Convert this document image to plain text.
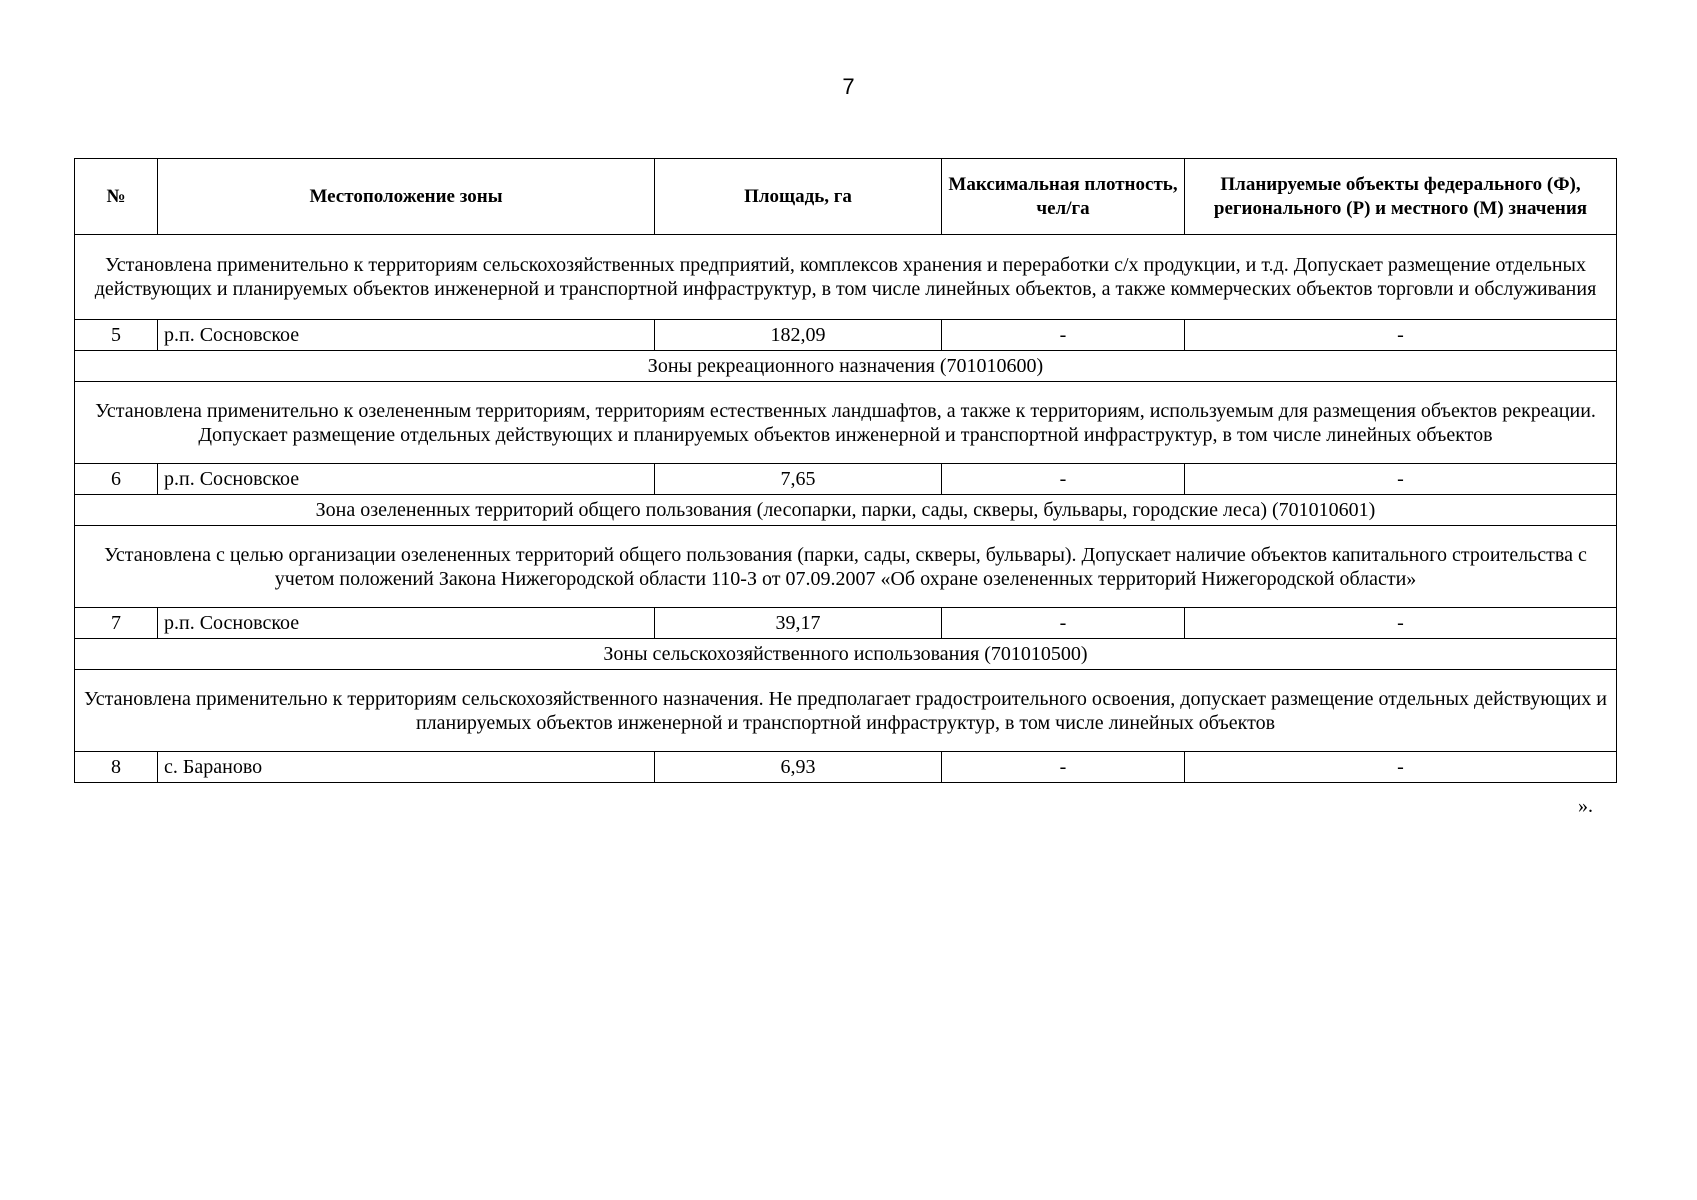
7
№	Местоположение зоны	Площадь, га	Максимальная плотность, чел/га	Планируемые объекты федерального (Ф), регионального (Р) и местного (М) значения
Установлена применительно к территориям сельскохозяйственных предприятий, комплексов хранения и переработки с/х продукции, и т.д. Допускает размещение отдельных действующих и планируемых объектов инженерной и транспортной инфраструктур, в том числе линейных объектов, а также коммерческих объектов торговли и обслуживания				
5	р.п. Сосновское	182,09	-	-
Зоны рекреационного назначения (701010600)				
Установлена применительно к озелененным территориям, территориям естественных ландшафтов, а также к территориям, используемым для размещения объектов рекреации. Допускает размещение отдельных действующих и планируемых объектов инженерной и транспортной инфраструктур, в том числе линейных объектов				
6	р.п. Сосновское	7,65	-	-
Зона озелененных территорий общего пользования (лесопарки, парки, сады, скверы, бульвары, городские леса) (701010601)				
Установлена с целью организации озелененных территорий общего пользования (парки, сады, скверы, бульвары). Допускает наличие объектов капитального строительства с учетом положений Закона Нижегородской области 110-З от 07.09.2007 «Об охране озелененных территорий Нижегородской области»				
7	р.п. Сосновское	39,17	-	-
Зоны сельскохозяйственного использования (701010500)				
Установлена применительно к территориям сельскохозяйственного назначения. Не предполагает градостроительного освоения, допускает размещение отдельных действующих и планируемых объектов инженерной и транспортной инфраструктур, в том числе линейных объектов				
8	с. Бараново	6,93	-	-
».
